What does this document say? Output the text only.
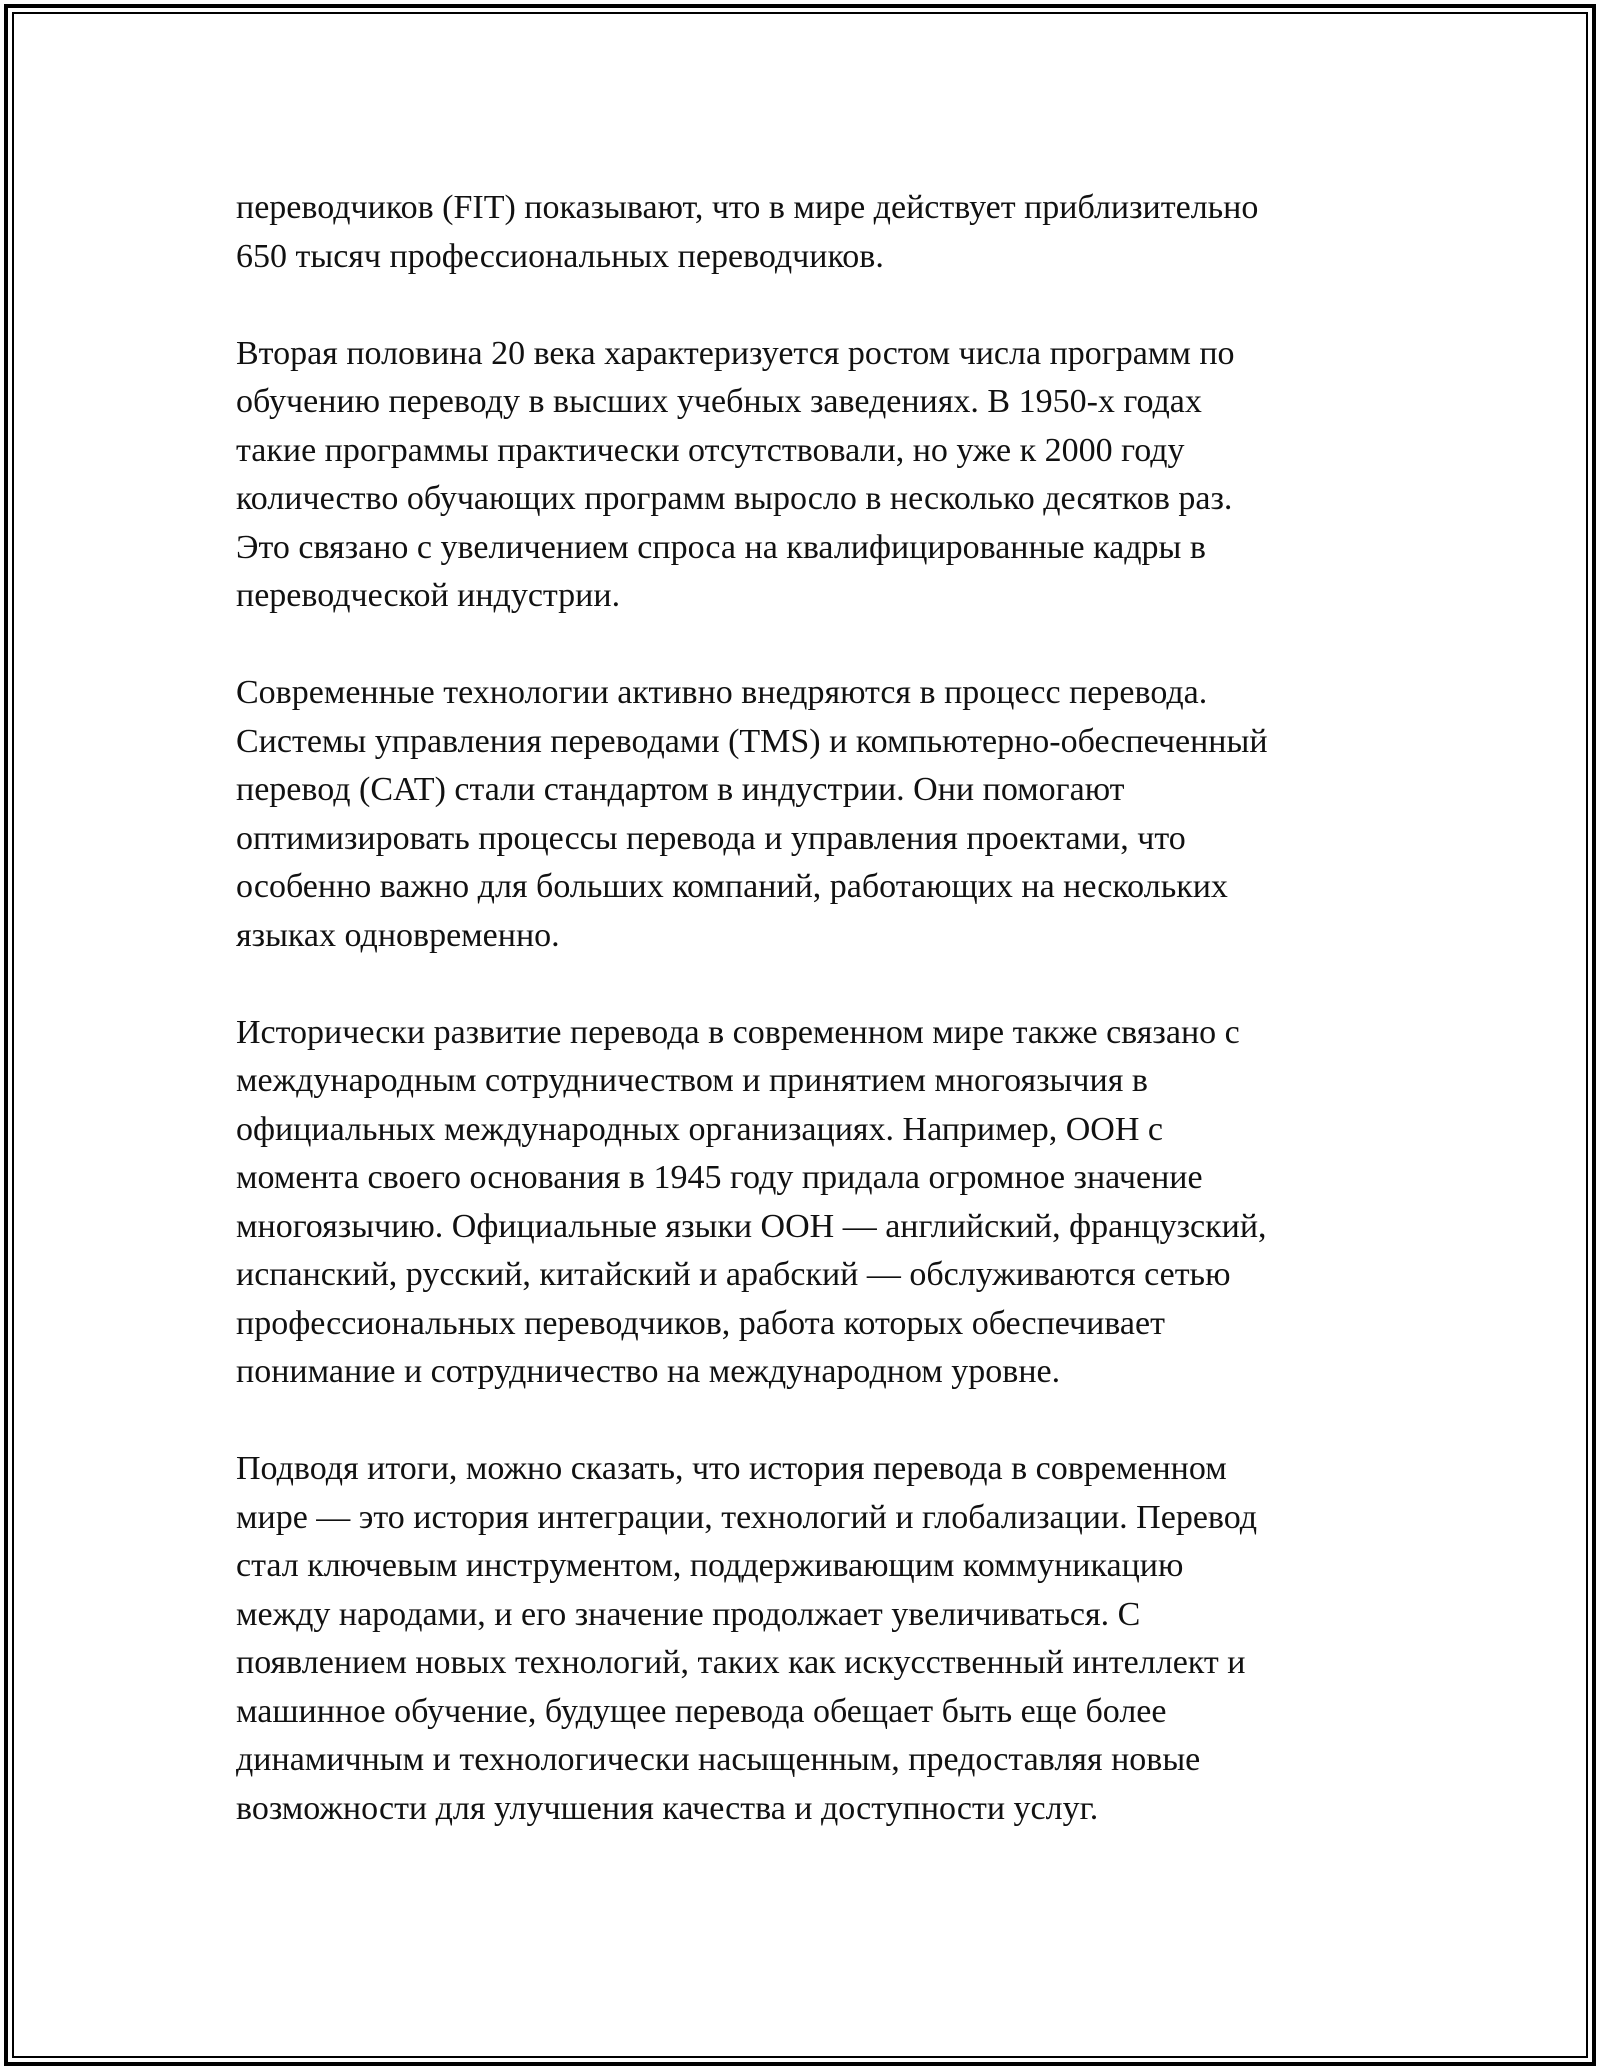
переводчиков (FIT) показывают, что в мире действует приблизительно
650 тысяч профессиональных переводчиков.

Вторая половина 20 века характеризуется ростом числа программ по
обучению переводу в высших учебных заведениях. В 1950-х годах
такие программы практически отсутствовали, но уже к 2000 году
количество обучающих программ выросло в несколько десятков раз.
Это связано с увеличением спроса на квалифицированные кадры в
переводческой индустрии.

Современные технологии активно внедряются в процесс перевода.
Системы управления переводами (TMS) и компьютерно-обеспеченный
перевод (CAT) стали стандартом в индустрии. Они помогают
оптимизировать процессы перевода и управления проектами, что
особенно важно для больших компаний, работающих на нескольких
языках одновременно.

Исторически развитие перевода в современном мире также связано с
международным сотрудничеством и принятием многоязычия в
официальных международных организациях. Например, ООН с
момента своего основания в 1945 году придала огромное значение
многоязычию. Официальные языки ООН — английский, французский,
испанский, русский, китайский и арабский — обслуживаются сетью
профессиональных переводчиков, работа которых обеспечивает
понимание и сотрудничество на международном уровне.

Подводя итоги, можно сказать, что история перевода в современном
мире — это история интеграции, технологий и глобализации. Перевод
стал ключевым инструментом, поддерживающим коммуникацию
между народами, и его значение продолжает увеличиваться. С
появлением новых технологий, таких как искусственный интеллект и
машинное обучение, будущее перевода обещает быть еще более
динамичным и технологически насыщенным, предоставляя новые
возможности для улучшения качества и доступности услуг.
